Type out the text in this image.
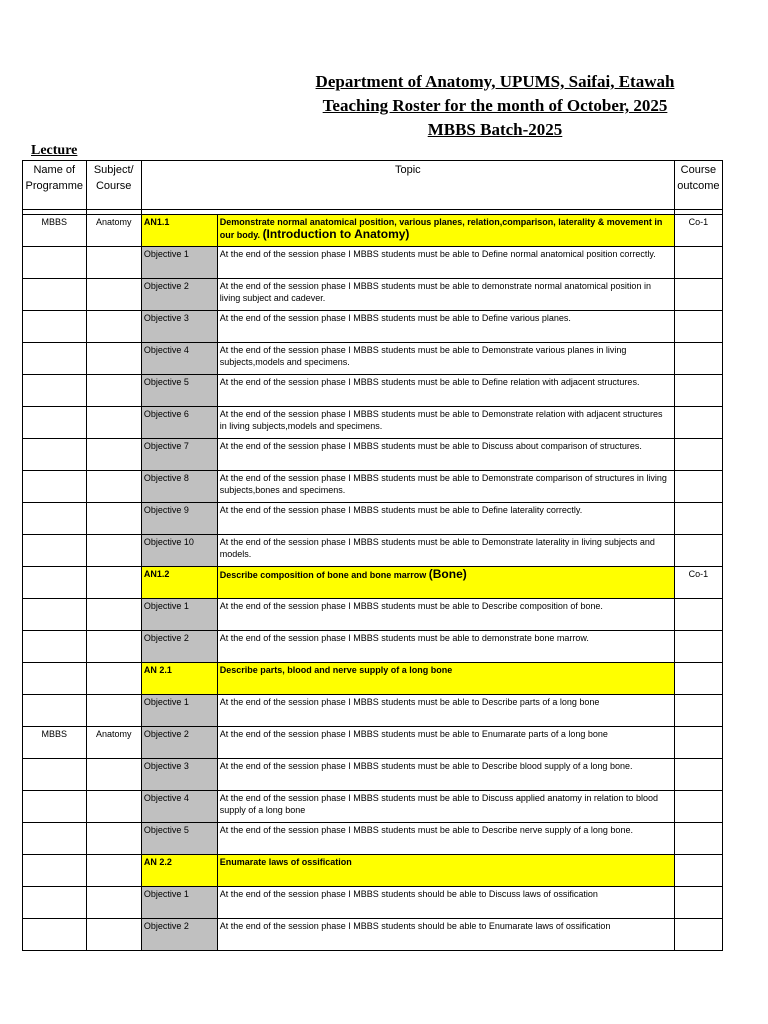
Department of Anatomy, UPUMS, Saifai, Etawah
Teaching Roster for the month of October, 2025
MBBS Batch-2025
Lecture
Name of Programme	Subject/ Course	Topic		Course outcome

MBBS	Anatomy	AN1.1	Demonstrate normal anatomical position, various planes, relation,comparison, laterality & movement in our body. (Introduction to Anatomy)	Co-1
		Objective 1	At the end of the session phase I MBBS students must be able to Define normal anatomical position correctly.	
		Objective 2	At the end of the session phase I MBBS students must be able to demonstrate normal anatomical position in living subject and cadever.	
		Objective 3	At the end of the session phase I MBBS students must be able to Define various planes.	
		Objective 4	At the end of the session phase I MBBS students must be able to Demonstrate various planes in living subjects,models and specimens.	
		Objective 5	At the end of the session phase I MBBS students must be able to Define relation with adjacent structures.	
		Objective 6	At the end of the session phase I MBBS students must be able to Demonstrate relation with adjacent structures in living subjects,models and specimens.	
		Objective 7	At the end of the session phase I MBBS students must be able to Discuss about comparison of structures.	
		Objective 8	At the end of the session phase I MBBS students must be able to Demonstrate comparison of structures in living subjects,bones and specimens.	
		Objective 9	At the end of the session phase I MBBS students must be able to Define laterality correctly.	
		Objective 10	At the end of the session phase I MBBS students must be able to Demonstrate laterality in living subjects and models.	
		AN1.2	Describe composition of bone and bone marrow (Bone)	Co-1
		Objective 1	At the end of the session phase I MBBS students must be able to Describe composition of bone.	
		Objective 2	At the end of the session phase I MBBS students must be able to demonstrate bone marrow.	
		AN 2.1	Describe parts, blood and nerve supply of a long bone	
		Objective 1	At the end of the session phase I MBBS students must be able to Describe parts of a long bone	
MBBS	Anatomy	Objective 2	At the end of the session phase I MBBS students must be able to Enumarate parts of a long bone	
		Objective 3	At the end of the session phase I MBBS students must be able to Describe blood supply of a long bone.	
		Objective 4	At the end of the session phase I MBBS students must be able to Discuss applied anatomy in relation to blood supply of a long bone	
		Objective 5	At the end of the session phase I MBBS students must be able to Describe nerve supply of a long bone.	
		AN 2.2	Enumarate laws of ossification	
		Objective 1	At the end of the session phase I MBBS students should be able to Discuss laws of ossification	
		Objective 2	At the end of the session phase I MBBS students should be able to Enumarate laws of ossification	
